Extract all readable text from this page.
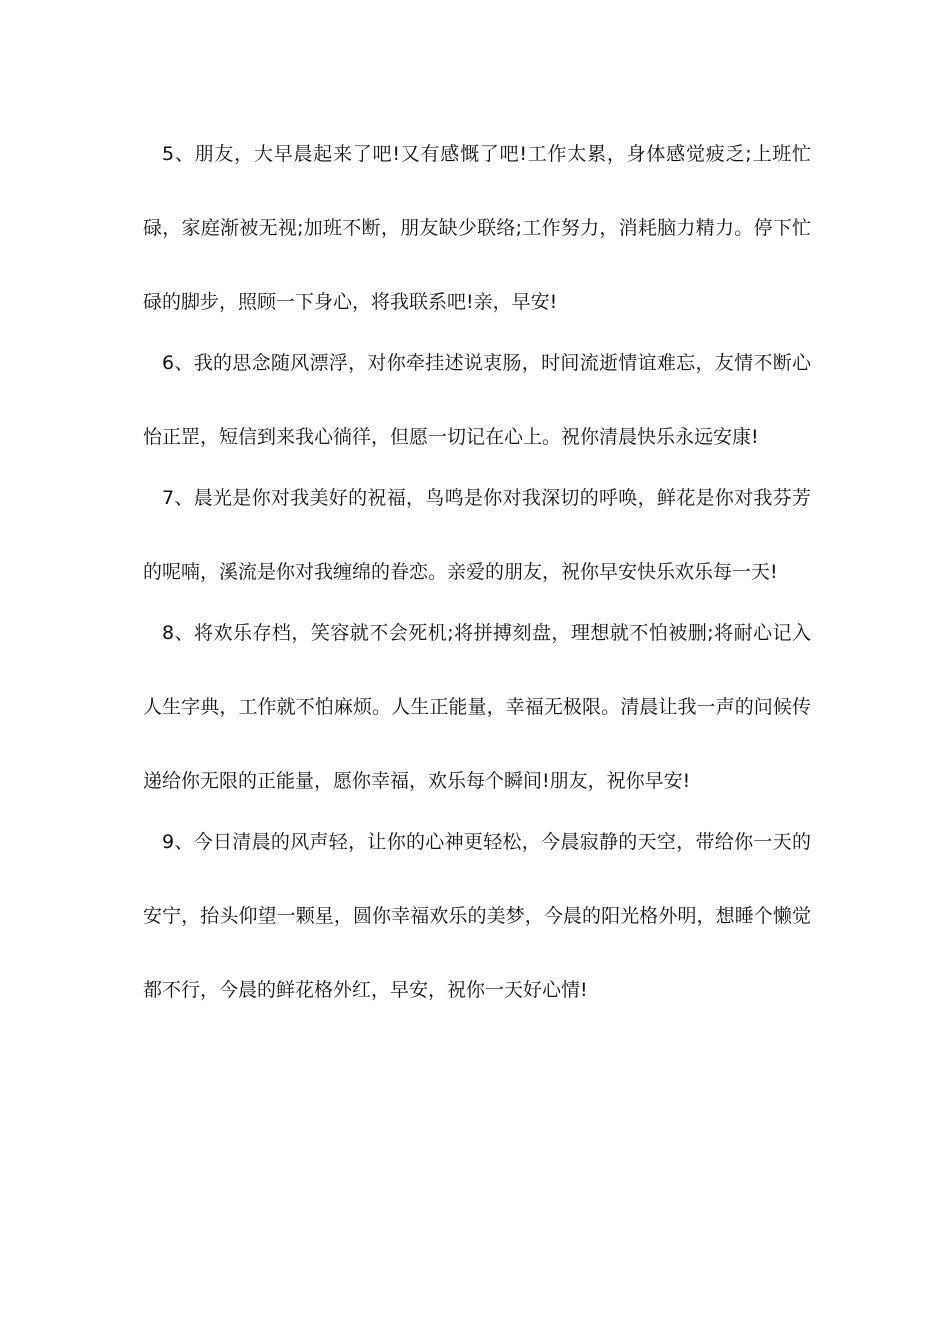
5、朋友，大早晨起来了吧!又有感慨了吧!工作太累，身体感觉疲乏;上班忙碌，家庭渐被无视;加班不断，朋友缺少联络;工作努力，消耗脑力精力。停下忙碌的脚步，照顾一下身心，将我联系吧!亲，早安!

6、我的思念随风漂浮，对你牵挂述说衷肠，时间流逝情谊难忘，友情不断心怡正罡，短信到来我心徜徉，但愿一切记在心上。祝你清晨快乐永远安康!

7、晨光是你对我美好的祝福，鸟鸣是你对我深切的呼唤，鲜花是你对我芬芳的呢喃，溪流是你对我缠绵的眷恋。亲爱的朋友，祝你早安快乐欢乐每一天!

8、将欢乐存档，笑容就不会死机;将拼搏刻盘，理想就不怕被删;将耐心记入人生字典，工作就不怕麻烦。人生正能量，幸福无极限。清晨让我一声的问候传递给你无限的正能量，愿你幸福，欢乐每个瞬间!朋友，祝你早安!

9、今日清晨的风声轻，让你的心神更轻松，今晨寂静的天空，带给你一天的安宁，抬头仰望一颗星，圆你幸福欢乐的美梦，今晨的阳光格外明，想睡个懒觉都不行，今晨的鲜花格外红，早安，祝你一天好心情!
